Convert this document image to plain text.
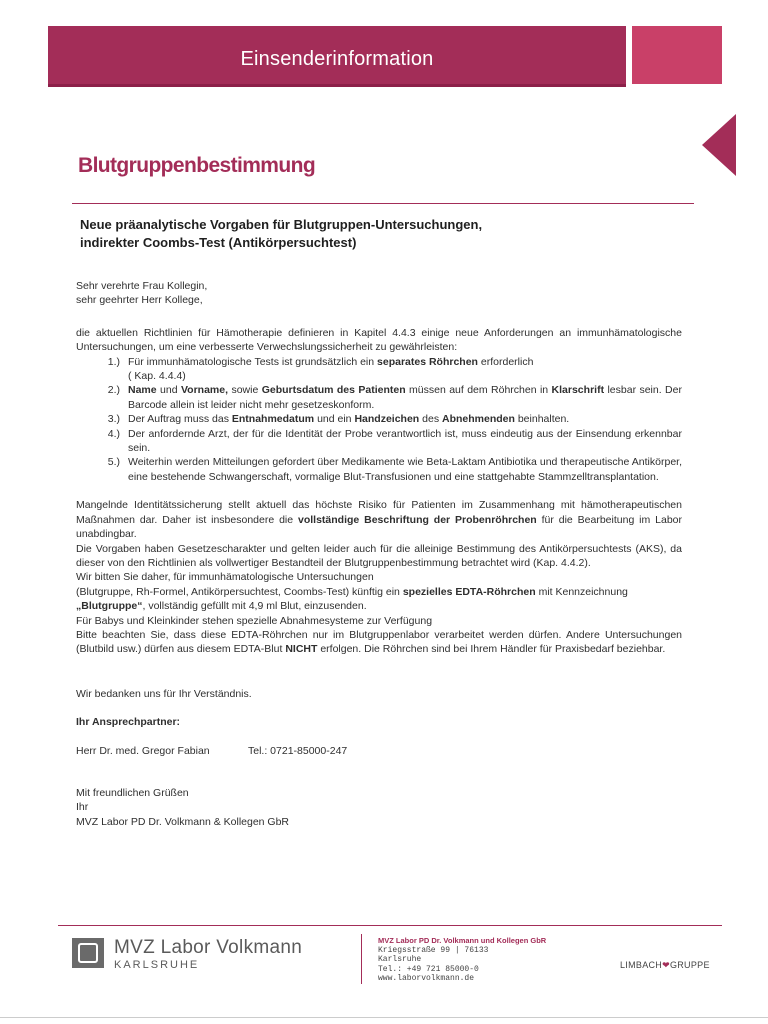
Einsenderinformation
Blutgruppenbestimmung
Neue präanalytische Vorgaben für Blutgruppen-Untersuchungen,
indirekter Coombs-Test (Antikörpersuchtest)

Sehr verehrte Frau Kollegin,

sehr geehrter Herr Kollege,

die aktuellen Richtlinien für Hämotherapie definieren in Kapitel 4.4.3 einige neue Anforderungen an immunhämatologische Untersuchungen, um eine verbesserte Verwechslungssicherheit zu gewährleisten:

1.) Für immunhämatologische Tests ist grundsätzlich ein separates Röhrchen erforderlich
( Kap. 4.4.4)
2.) Name und Vorname, sowie Geburtsdatum des Patienten müssen auf dem Röhrchen in Klarschrift lesbar sein. Der Barcode allein ist leider nicht mehr gesetzeskonform.
3.) Der Auftrag muss das Entnahmedatum und ein Handzeichen des Abnehmenden beinhalten.
4.) Der anfordernde Arzt, der für die Identität der Probe verantwortlich ist, muss eindeutig aus der Einsendung erkennbar sein.
5.) Weiterhin werden Mitteilungen gefordert über Medikamente wie Beta-Laktam Antibiotika und therapeutische Antikörper, eine bestehende Schwangerschaft, vormalige Blut-Transfusionen und eine stattgehabte Stammzelltransplantation.

Mangelnde Identitätssicherung stellt aktuell das höchste Risiko für Patienten im Zusammenhang mit hämotherapeutischen Maßnahmen dar. Daher ist insbesondere die vollständige Beschriftung der Probenröhrchen für die Bearbeitung im Labor unabdingbar.

Die Vorgaben haben Gesetzescharakter und gelten leider auch für die alleinige Bestimmung des Antikörpersuchtests (AKS), da dieser von den Richtlinien als vollwertiger Bestandteil der Blutgruppenbestimmung betrachtet wird (Kap. 4.4.2).

Wir bitten Sie daher, für immunhämatologische Untersuchungen

(Blutgruppe, Rh-Formel, Antikörpersuchtest, Coombs-Test) künftig ein spezielles EDTA-Röhrchen mit Kennzeichnung
„Blutgruppe“, vollständig gefüllt mit 4,9 ml Blut, einzusenden.

Für Babys und Kleinkinder stehen spezielle Abnahmesysteme zur Verfügung

Bitte beachten Sie, dass diese EDTA-Röhrchen nur im Blutgruppenlabor verarbeitet werden dürfen. Andere Untersuchungen (Blutbild usw.) dürfen aus diesem EDTA-Blut NICHT erfolgen. Die Röhrchen sind bei Ihrem Händler für Praxisbedarf beziehbar.

Wir bedanken uns für Ihr Verständnis.

Ihr Ansprechpartner:

Herr Dr. med. Gregor Fabian	Tel.: 0721-85000-247

Mit freundlichen Grüßen

Ihr

MVZ Labor PD Dr. Volkmann & Kollegen GbR

MVZ Labor Volkmann
KARLSRUHE
MVZ Labor PD Dr. Volkmann und Kollegen GbR
Kriegsstraße 99 | 76133
Karlsruhe
Tel.: +49 721 85000-0
www.laborvolkmann.de
LIMBACH❤GRUPPE
